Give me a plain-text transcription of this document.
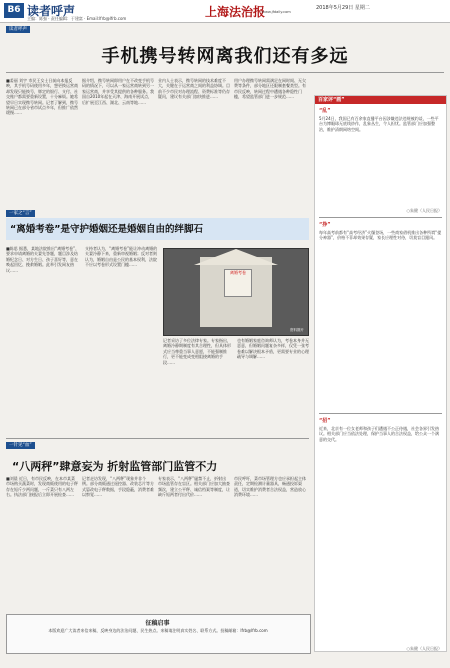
B6 读者呼声
主编：陈强 · 责任编辑：于建富 · Email:lfrb@lfrb.com	上海法治报
www.jfdaily.com
2018年5月29日 星期二
读者呼声
手机携号转网离我们还有多远
■姜丽 刘宇 市民王女士日前向本报反映，其手机号码使用多年，想更换运营商却发现只能换号，绑定的银行、支付、社交账户都需要重新设置，十分麻烦。她希望早日实现携号转网。记者了解到，携号转网已在部分省市试点多年，但推广依然缓慢……
据介绍，携号转网即用户在不改变手机号码的情况下，可以从一家运营商转到另一家运营商，并享受其提供的各种服务。我国自2010年起在天津、海南开展试点，后扩展至江西、湖北、云南等地……
业内人士表示，携号转网的技术难度不大，关键在于运营商之间的利益协调。目前不少市民对办理流程、资费标准等仍存疑问，建议有关部门加快推进……
用户办理携号转网需满足在网时间、无欠费等条件，部分地区还限制套餐类型。有市民反映，转网过程中遭遇各种隐性门槛，希望监管部门进一步规范……
百家评“画”
“乱”
5月24日，我国已有百余家直播平台因涉嫌违法违规被约谈，一些平台为博眼球无底线炒作，乱象丛生，令人担忧。监管部门应加强整治，维护清朗网络空间。
○朱健（人民日报）
“挣”
每年高考前都有“高考经济”火爆登场，一些商家借机推出各种所谓“提分神器”，价格不菲却效果存疑，家长应理性对待，切莫盲目跟风。
“招”
近来，北京有一位女老师和孩子们遭遇不公正待遇，社会各界引发热议。相关部门应当依法处理，保护当事人的合法权益，给公众一个满意的交代。
○朱健（人民日报）
一家之“言”
“离婚考卷”是守护婚姻还是婚姻自由的绊脚石
■陈思 据悉，某地法院推出“离婚考卷”，要求申请离婚的夫妻先答题，题目涉及结婚纪念日、对方生日、孩子喜好等，意在唤起回忆、挽救婚姻。此举引发网友热议……
支持者认为，“离婚考卷”能让冲动离婚的夫妻冷静下来，重新审视婚姻；反对者则认为，婚姻自由是公民的基本权利，法院不应以考卷形式设置门槛……
离婚考卷
资料图片
记者采访了多位法律专家。专家指出，离婚冷静期制度有其合理性，但具体形式应当尊重当事人意愿，不能强制推行，更不能变成变相阻挠离婚的手段……
也有婚姻家庭咨询师认为，考卷本身并无恶意，但婚姻问题复杂多样，仅凭一张考卷难以解决根本矛盾，更需要专业的心理疏导与调解……
一针见“血”
“八两秤”肆意妄为 折射监管部门监管不力
■刘晨 近日，有市民反映，在本市某菜市场购买蔬菜时，发现商贩使用的电子秤存在短斤少两问题，一斤菜只有八两左右。执法部门接报后立即开展检查……
记者走访发现，“八两秤”现象并非个例。部分商贩通过遥控器、改装芯片等方式篡改电子秤数据，手段隐蔽，消费者难以察觉……
专家表示，“八两秤”屡禁不止，折射出市场监管存在盲区。相关部门应加大抽查频次，建立公平秤、诚信档案等制度，让缺斤短两者付出代价……
市民呼吁，菜市场管理方也应承担起主体责任，定期检测计量器具，畅通投诉渠道，切实维护消费者合法权益，营造放心消费环境……
征稿启事
本版欢迎广大读者来信来稿，反映身边的法治问题、民生热点。来稿请注明真实姓名、联系方式。投稿邮箱：lfrb@lfrb.com
